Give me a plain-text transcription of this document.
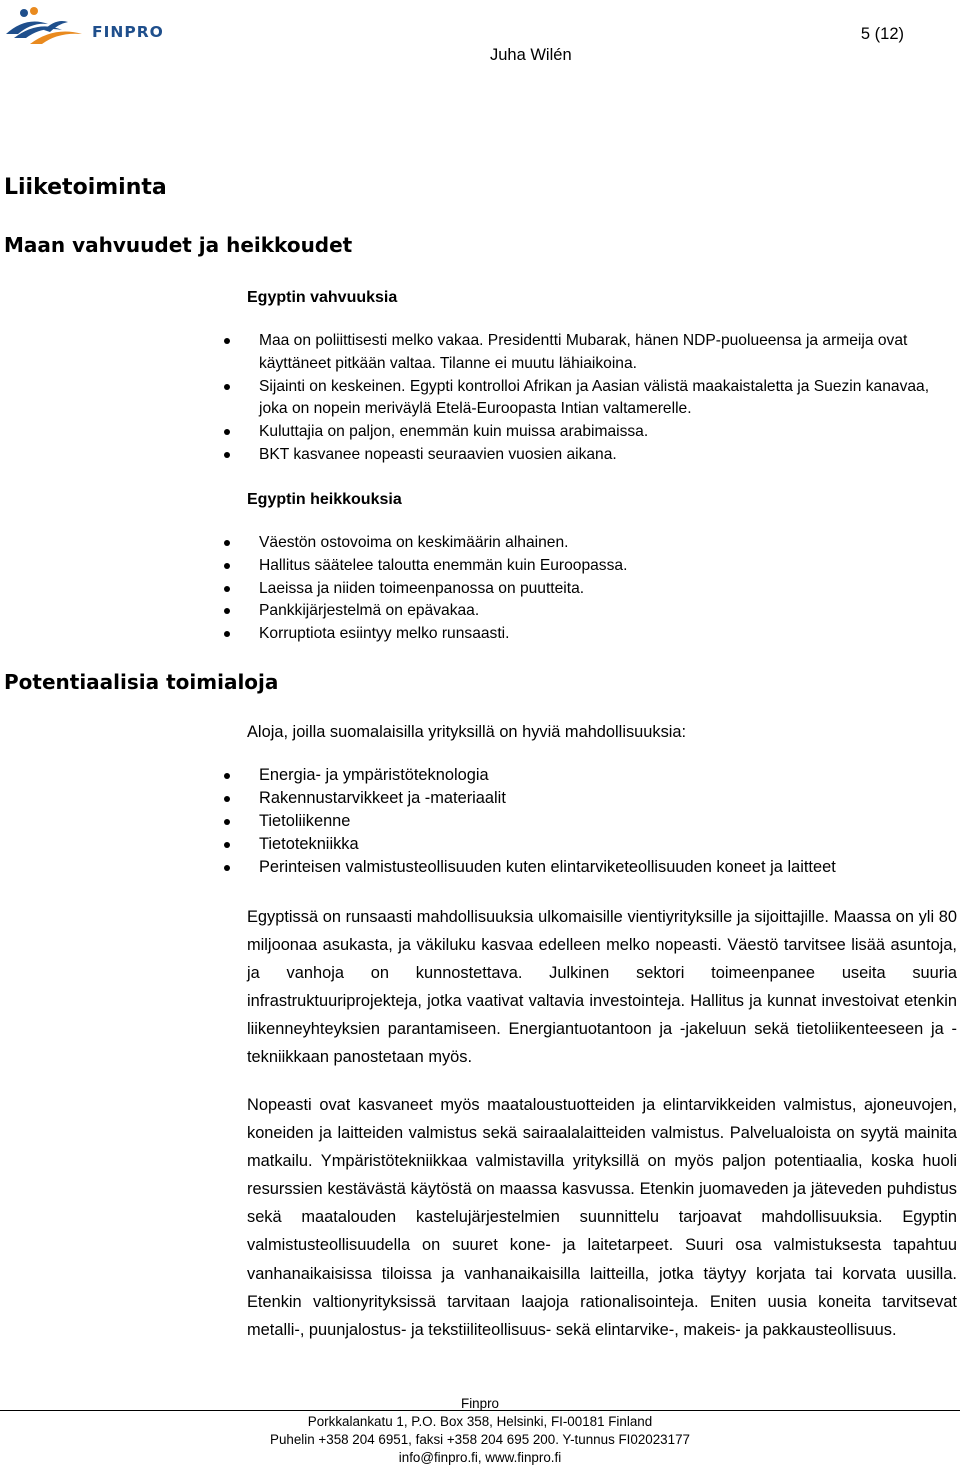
FINPRO	5 (12)
Juha Wilén
Liiketoiminta
Maan vahvuudet ja heikkoudet
Egyptin vahvuuksia
Maa on poliittisesti melko vakaa. Presidentti Mubarak, hänen NDP-puolueensa ja armeija ovat käyttäneet pitkään valtaa. Tilanne ei muutu lähiaikoina.
Sijainti on keskeinen. Egypti kontrolloi Afrikan ja Aasian välistä maakaistaletta ja Suezin kanavaa, joka on nopein meriväylä Etelä-Euroopasta Intian valtamerelle.
Kuluttajia on paljon, enemmän kuin muissa arabimaissa.
BKT kasvanee nopeasti seuraavien vuosien aikana.
Egyptin heikkouksia
Väestön ostovoima on keskimäärin alhainen.
Hallitus säätelee taloutta enemmän kuin Euroopassa.
Laeissa ja niiden toimeenpanossa on puutteita.
Pankkijärjestelmä on epävakaa.
Korruptiota esiintyy melko runsaasti.
Potentiaalisia toimialoja
Aloja, joilla suomalaisilla yrityksillä on hyviä mahdollisuuksia:
Energia- ja ympäristöteknologia
Rakennustarvikkeet ja -materiaalit
Tietoliikenne
Tietotekniikka
Perinteisen valmistusteollisuuden kuten elintarviketeollisuuden koneet ja laitteet

Egyptissä on runsaasti mahdollisuuksia ulkomaisille vientiyrityksille ja sijoittajille. Maassa on yli 80 miljoonaa asukasta, ja väkiluku kasvaa edelleen melko nopeasti. Väestö tarvitsee lisää asuntoja, ja vanhoja on kunnostettava. Julkinen sektori toimeenpanee useita suuria infrastruktuuriprojekteja, jotka vaativat valtavia investointeja. Hallitus ja kunnat investoivat etenkin liikenneyhteyksien parantamiseen. Energiantuotantoon ja -jakeluun sekä tietoliikenteeseen ja -tekniikkaan panostetaan myös.

Nopeasti ovat kasvaneet myös maataloustuotteiden ja elintarvikkeiden valmistus, ajoneuvojen, koneiden ja laitteiden valmistus sekä sairaalalaitteiden valmistus. Palvelualoista on syytä mainita matkailu. Ympäristötekniikkaa valmistavilla yrityksillä on myös paljon potentiaalia, koska huoli resurssien kestävästä käytöstä on maassa kasvussa. Etenkin juomaveden ja jäteveden puhdistus sekä maatalouden kastelujärjestelmien suunnittelu tarjoavat mahdollisuuksia. Egyptin valmistusteollisuudella on suuret kone- ja laitetarpeet. Suuri osa valmistuksesta tapahtuu vanhanaikaisissa tiloissa ja vanhanaikaisilla laitteilla, jotka täytyy korjata tai korvata uusilla. Etenkin valtionyrityksissä tarvitaan laajoja rationalisointeja. Eniten uusia koneita tarvitsevat metalli-, puunjalostus- ja tekstiiliteollisuus- sekä elintarvike-, makeis- ja pakkausteollisuus.

Finpro
Porkkalankatu 1, P.O. Box 358, Helsinki, FI-00181 Finland
Puhelin +358 204 6951, faksi +358 204 695 200. Y-tunnus FI02023177
info@finpro.fi, www.finpro.fi
